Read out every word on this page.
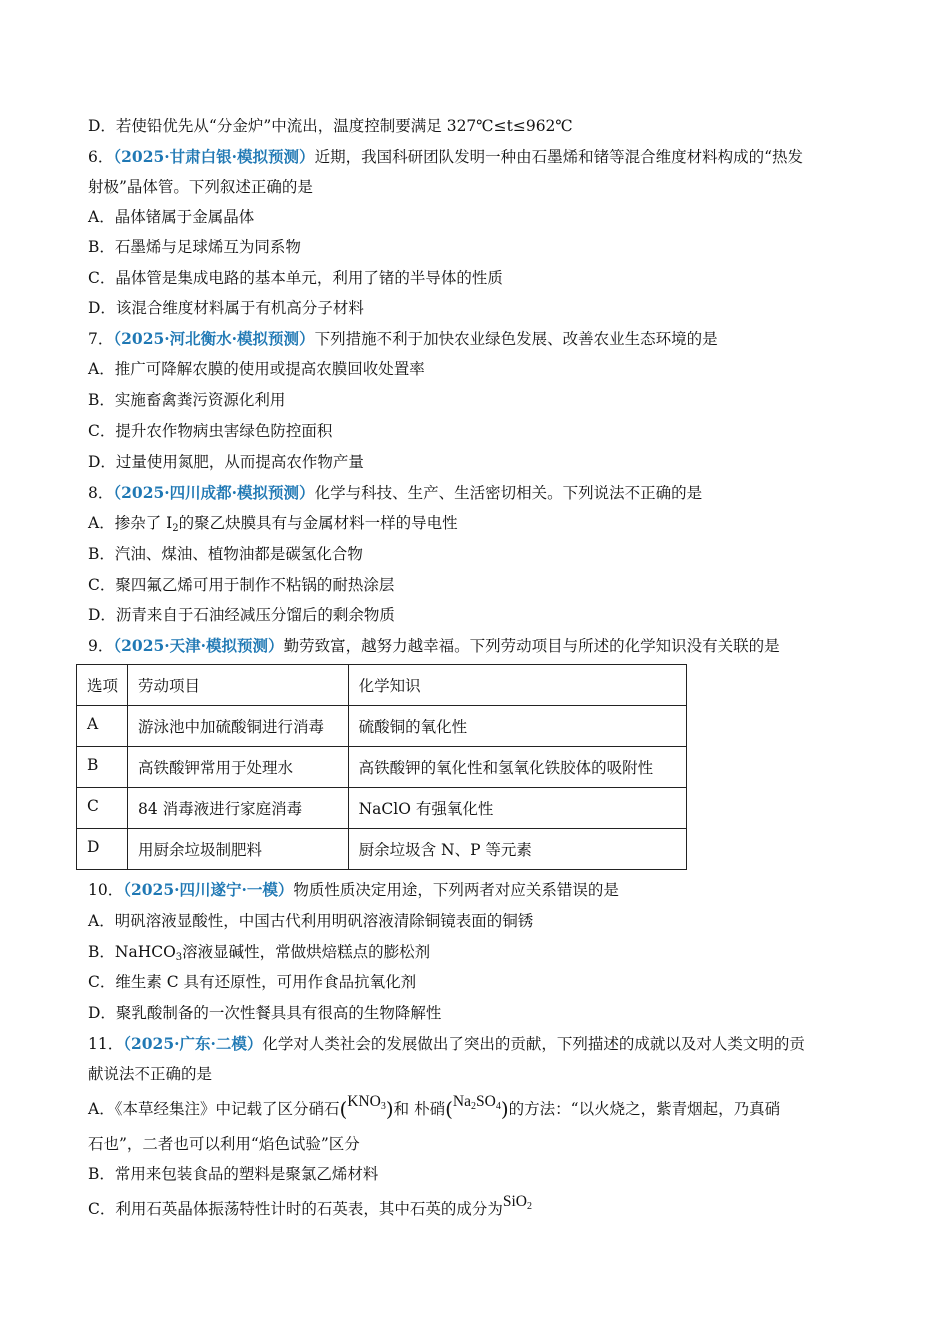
D．若使铅优先从“分金炉”中流出，温度控制要满足 327℃≤t≤962℃
6．（2025·甘肃白银·模拟预测）近期，我国科研团队发明一种由石墨烯和锗等混合维度材料构成的“热发
射极”晶体管。下列叙述正确的是
A．晶体锗属于金属晶体
B．石墨烯与足球烯互为同系物
C．晶体管是集成电路的基本单元，利用了锗的半导体的性质
D．该混合维度材料属于有机高分子材料
7．（2025·河北衡水·模拟预测）下列措施不利于加快农业绿色发展、改善农业生态环境的是
A．推广可降解农膜的使用或提高农膜回收处置率
B．实施畜禽粪污资源化利用
C．提升农作物病虫害绿色防控面积
D．过量使用氮肥，从而提高农作物产量
8．（2025·四川成都·模拟预测）化学与科技、生产、生活密切相关。下列说法不正确的是
A．掺杂了 $I_2$的聚乙炔膜具有与金属材料一样的导电性
B．汽油、煤油、植物油都是碳氢化合物
C．聚四氟乙烯可用于制作不粘锅的耐热涂层
D．沥青来自于石油经减压分馏后的剩余物质
9．（2025·天津·模拟预测）勤劳致富，越努力越幸福。下列劳动项目与所述的化学知识没有关联的是
选项	劳动项目	化学知识
A	游泳池中加硫酸铜进行消毒	硫酸铜的氧化性
B	高铁酸钾常用于处理水	高铁酸钾的氧化性和氢氧化铁胶体的吸附性
C	84 消毒液进行家庭消毒	NaClO 有强氧化性
D	用厨余垃圾制肥料	厨余垃圾含 N、P 等元素
10．（2025·四川遂宁·一模）物质性质决定用途，下列两者对应关系错误的是
A．明矾溶液显酸性，中国古代利用明矾溶液清除铜镜表面的铜锈
B．NaHCO$_3$溶液显碱性，常做烘焙糕点的膨松剂
C．维生素 C 具有还原性，可用作食品抗氧化剂
D．聚乳酸制备的一次性餐具具有很高的生物降解性
11．（2025·广东·二模）化学对人类社会的发展做出了突出的贡献，下列描述的成就以及对人类文明的贡
献说法不正确的是
A．《本草经集注》中记载了区分硝石$(KNO_3)$和 朴硝$(Na_2SO_4)$的方法：“以火烧之，紫青烟起，乃真硝
石也”，二者也可以利用“焰色试验”区分
B．常用来包装食品的塑料是聚氯乙烯材料
C．利用石英晶体振荡特性计时的石英表，其中石英的成分为SiO$_2$
